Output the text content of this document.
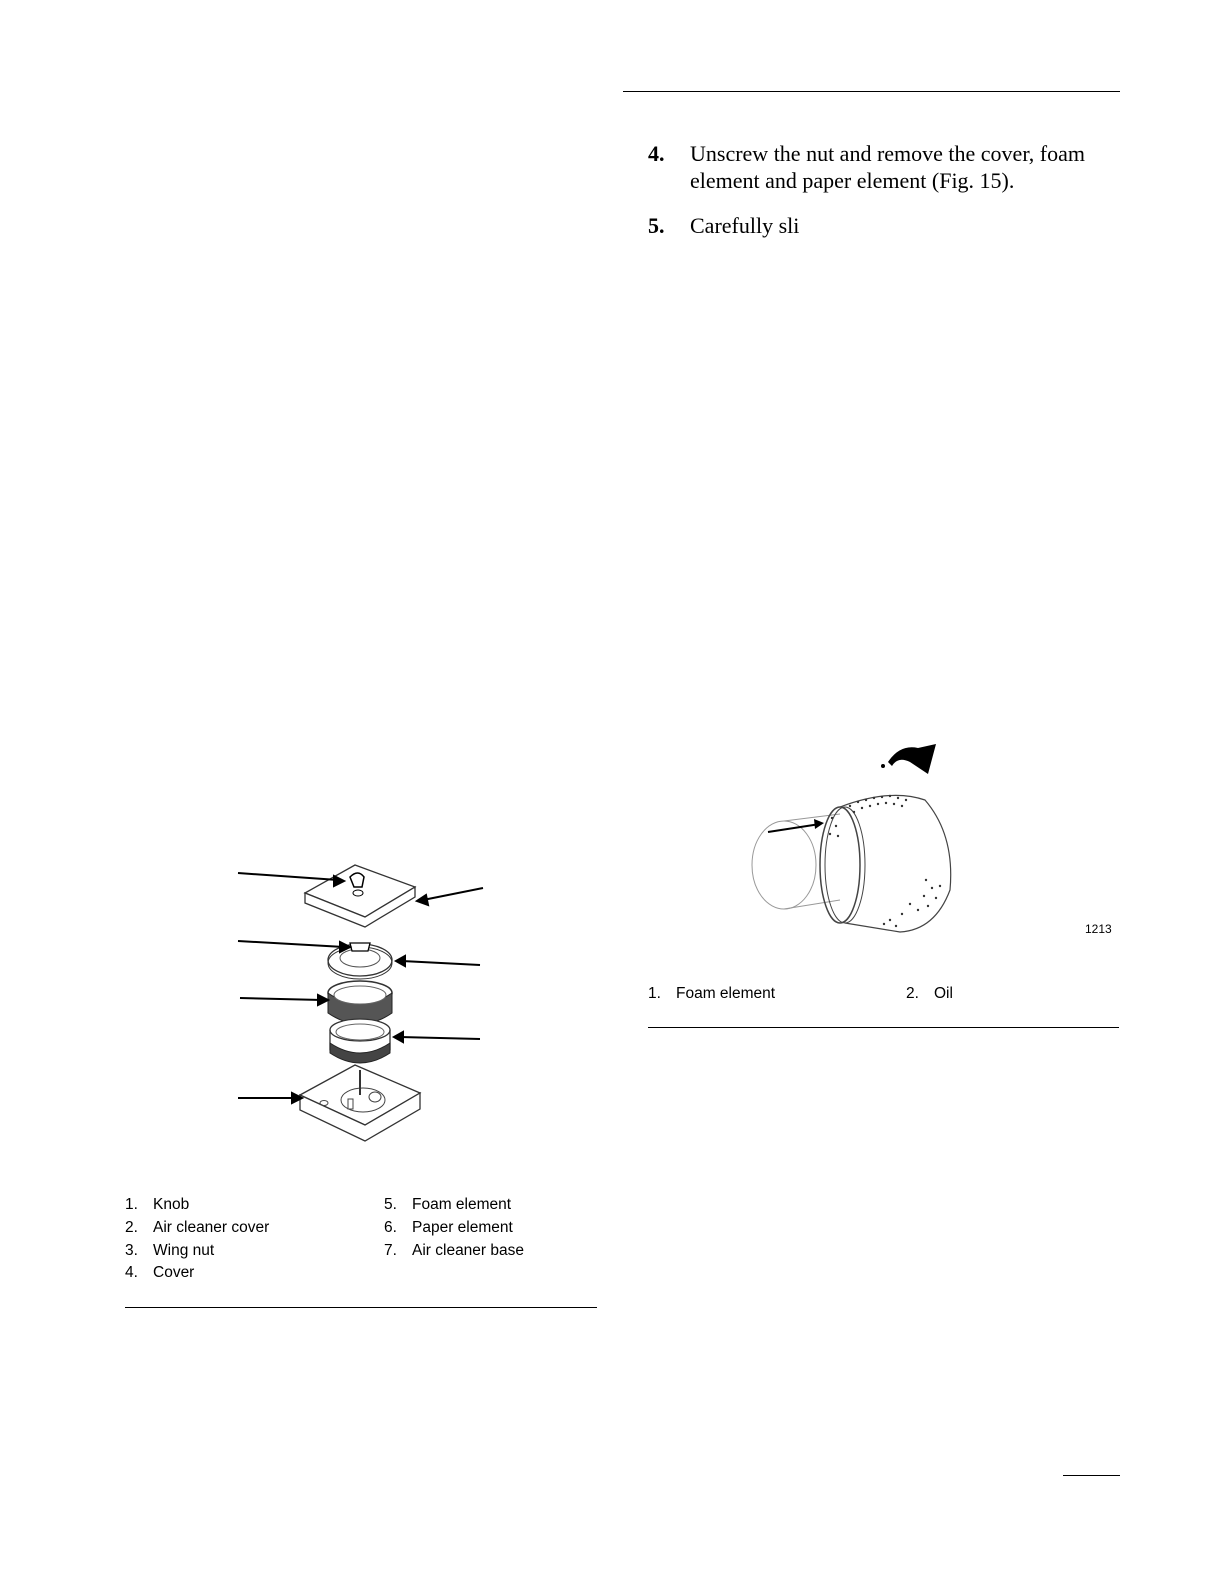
4. Unscrew the nut and remove the cover, foam element and paper element (Fig. 15).
5. Carefully sli
1213
1. Foam element	2. Oil
1. Knob
2. Air cleaner cover
3. Wing nut
4. Cover
5. Foam element
6. Paper element
7. Air cleaner base
